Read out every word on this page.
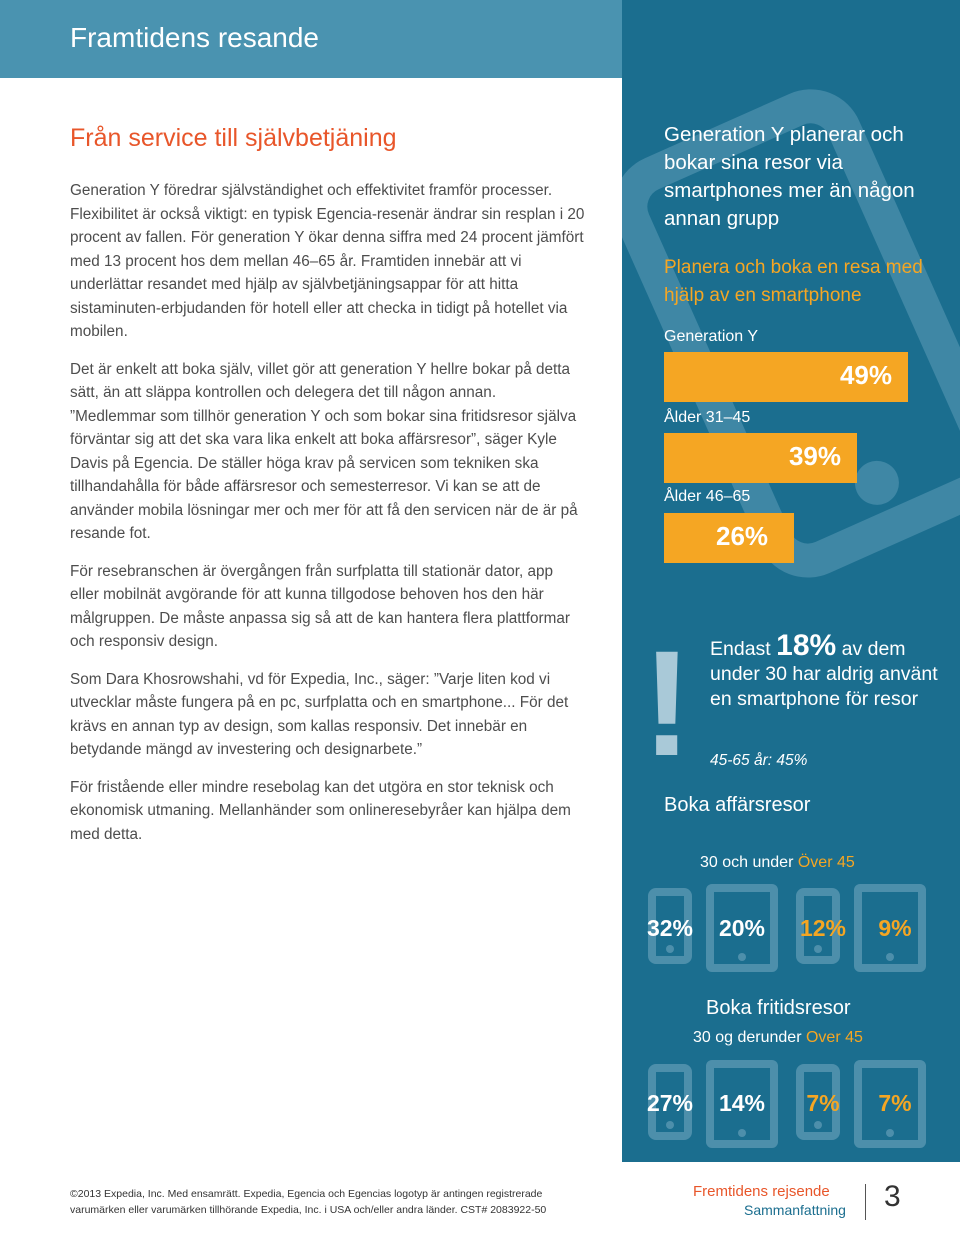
Framtidens resande
Från service till självbetjäning

Generation Y föredrar självständighet och effektivitet framför processer. Flexibilitet är också viktigt: en typisk Egencia-resenär ändrar sin resplan i 20 procent av fallen. För generation Y ökar denna siffra med 24 procent jämfört med 13 procent hos dem mellan 46–65 år. Framtiden innebär att vi underlättar resandet med hjälp av självbetjäningsappar för att hitta sistaminuten-erbjudanden för hotell eller att checka in tidigt på hotellet via mobilen.

Det är enkelt att boka själv, villet gör att generation Y hellre bokar på detta sätt, än att släppa kontrollen och delegera det till någon annan. ”Medlemmar som tillhör generation Y och som bokar sina fritidsresor själva förväntar sig att det ska vara lika enkelt att boka affärsresor”, säger Kyle Davis på Egencia. De ställer höga krav på servicen som tekniken ska tillhandahålla för både affärsresor och semesterresor. Vi kan se att de använder mobila lösningar mer och mer för att få den servicen när de är på resande fot.

För resebranschen är övergången från surfplatta till stationär dator, app eller mobilnät avgörande för att kunna tillgodose behoven hos den här målgruppen. De måste anpassa sig så att de kan hantera flera plattformar och responsiv design.

Som Dara Khosrowshahi, vd för Expedia, Inc., säger: ”Varje liten kod vi utvecklar måste fungera på en pc, surfplatta och en smartphone... För det krävs en annan typ av design, som kallas responsiv. Det innebär en betydande mängd av investering och designarbete.”

För fristående eller mindre resebolag kan det utgöra en stor teknisk och ekonomisk utmaning. Mellanhänder som onlineresebyråer kan hjälpa dem med detta.

Generation Y planerar och bokar sina resor via smartphones mer än någon annan grupp
Planera och boka en resa med hjälp av en smartphone
Generation Y
49%
Ålder 31–45
39%
Ålder 46–65
26%
! Endast 18% av dem under 30 har aldrig använt en smartphone för resor
45-65 år: 45%
Boka affärsresor
30 och under Över 45
32%	20%	12%	9%
Boka fritidsresor
30 og derunder Over 45
27%	14%	7%	7%
©2013 Expedia, Inc. Med ensamrätt. Expedia, Egencia och Egencias logotyp är antingen registrerade
varumärken eller varumärken tillhörande Expedia, Inc. i USA och/eller andra länder. CST# 2083922-50
Fremtidens rejsende
Sammanfattning 3
